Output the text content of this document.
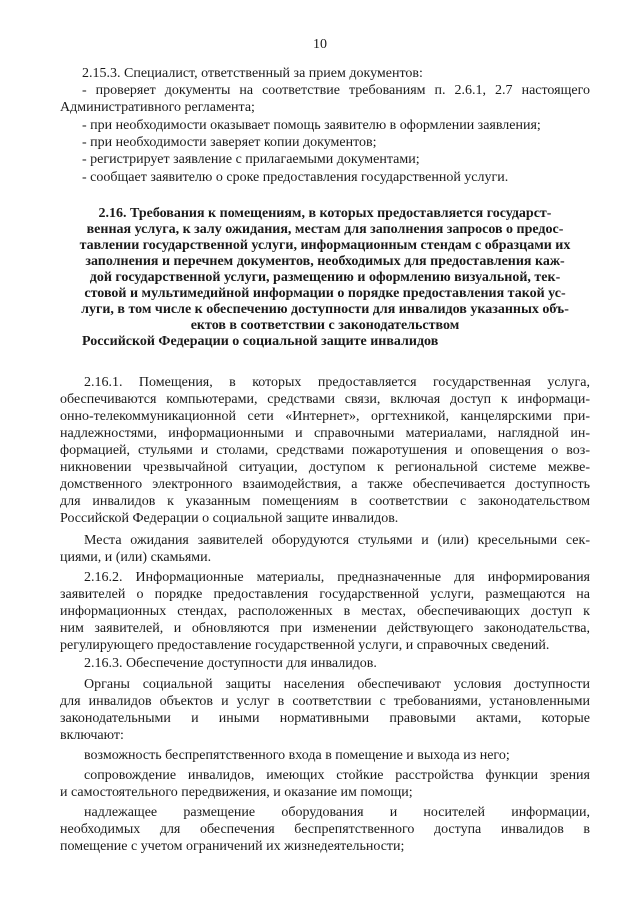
10
2.15.3. Специалист, ответственный за прием документов:
- проверяет документы на соответствие требованиям п. 2.6.1, 2.7 настоящего
Административного регламента;
- при необходимости оказывает помощь заявителю в оформлении заявления;
- при необходимости заверяет копии документов;
- регистрирует заявление с прилагаемыми документами;
- сообщает заявителю о сроке предоставления государственной услуги.
2.16. Требования к помещениям, в которых предоставляется государст-
венная услуга, к залу ожидания, местам для заполнения запросов о предос-
тавлении государственной услуги, информационным стендам с образцами их
заполнения и перечнем документов, необходимых для предоставления каж-
дой государственной услуги, размещению и оформлению визуальной, тек-
стовой и мультимедийной информации о порядке предоставления такой ус-
луги, в том числе к обеспечению доступности для инвалидов указанных объ-
ектов в соответствии с законодательством
Российской Федерации о социальной защите инвалидов
2.16.1. Помещения, в которых предоставляется государственная услуга,
обеспечиваются компьютерами, средствами связи, включая доступ к информаци-
онно-телекоммуникационной сети «Интернет», оргтехникой, канцелярскими при-
надлежностями, информационными и справочными материалами, наглядной ин-
формацией, стульями и столами, средствами пожаротушения и оповещения о воз-
никновении чрезвычайной ситуации, доступом к региональной системе межве-
домственного электронного взаимодействия, а также обеспечивается доступность
для инвалидов к указанным помещениям в соответствии с законодательством
Российской Федерации о социальной защите инвалидов.
Места ожидания заявителей оборудуются стульями и (или) кресельными сек-
циями, и (или) скамьями.
2.16.2. Информационные материалы, предназначенные для информирования
заявителей о порядке предоставления государственной услуги, размещаются на
информационных стендах, расположенных в местах, обеспечивающих доступ к
ним заявителей, и обновляются при изменении действующего законодательства,
регулирующего предоставление государственной услуги, и справочных сведений.
2.16.3. Обеспечение доступности для инвалидов.
Органы социальной защиты населения обеспечивают условия доступности
для инвалидов объектов и услуг в соответствии с требованиями, установленными
законодательными и иными нормативными правовыми актами, которые
включают:
возможность беспрепятственного входа в помещение и выхода из него;
сопровождение инвалидов, имеющих стойкие расстройства функции зрения
и самостоятельного передвижения, и оказание им помощи;
надлежащее размещение оборудования и носителей информации,
необходимых для обеспечения беспрепятственного доступа инвалидов в
помещение с учетом ограничений их жизнедеятельности;
